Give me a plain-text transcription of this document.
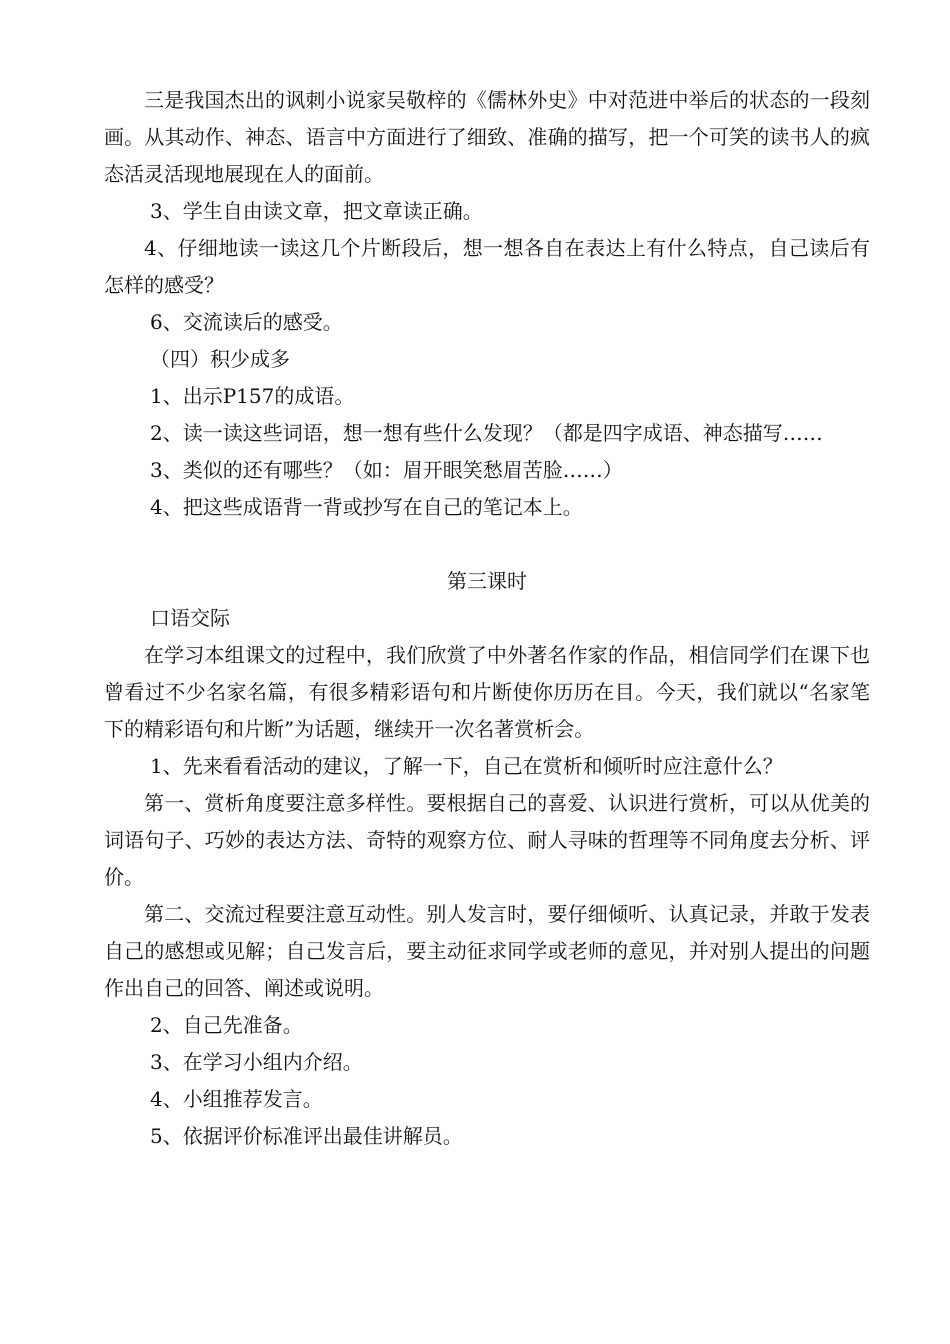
三是我国杰出的讽刺小说家吴敬梓的《儒林外史》中对范进中举后的状态的一段刻画。从其动作、神态、语言中方面进行了细致、准确的描写，把一个可笑的读书人的疯态活灵活现地展现在人的面前。

3、学生自由读文章，把文章读正确。

4、仔细地读一读这几个片断段后，想一想各自在表达上有什么特点，自己读后有怎样的感受？

6、交流读后的感受。

（四）积少成多

1、出示P157的成语。

2、读一读这些词语，想一想有些什么发现？（都是四字成语、神态描写……

3、类似的还有哪些？（如：眉开眼笑愁眉苦脸……）

4、把这些成语背一背或抄写在自己的笔记本上。

第三课时

口语交际

在学习本组课文的过程中，我们欣赏了中外著名作家的作品，相信同学们在课下也曾看过不少名家名篇，有很多精彩语句和片断使你历历在目。今天，我们就以“名家笔下的精彩语句和片断”为话题，继续开一次名著赏析会。

1、先来看看活动的建议，了解一下，自己在赏析和倾听时应注意什么？

第一、赏析角度要注意多样性。要根据自己的喜爱、认识进行赏析，可以从优美的词语句子、巧妙的表达方法、奇特的观察方位、耐人寻味的哲理等不同角度去分析、评价。

第二、交流过程要注意互动性。别人发言时，要仔细倾听、认真记录，并敢于发表自己的感想或见解；自己发言后，要主动征求同学或老师的意见，并对别人提出的问题作出自己的回答、阐述或说明。

2、自己先准备。

3、在学习小组内介绍。

4、小组推荐发言。

5、依据评价标准评出最佳讲解员。
